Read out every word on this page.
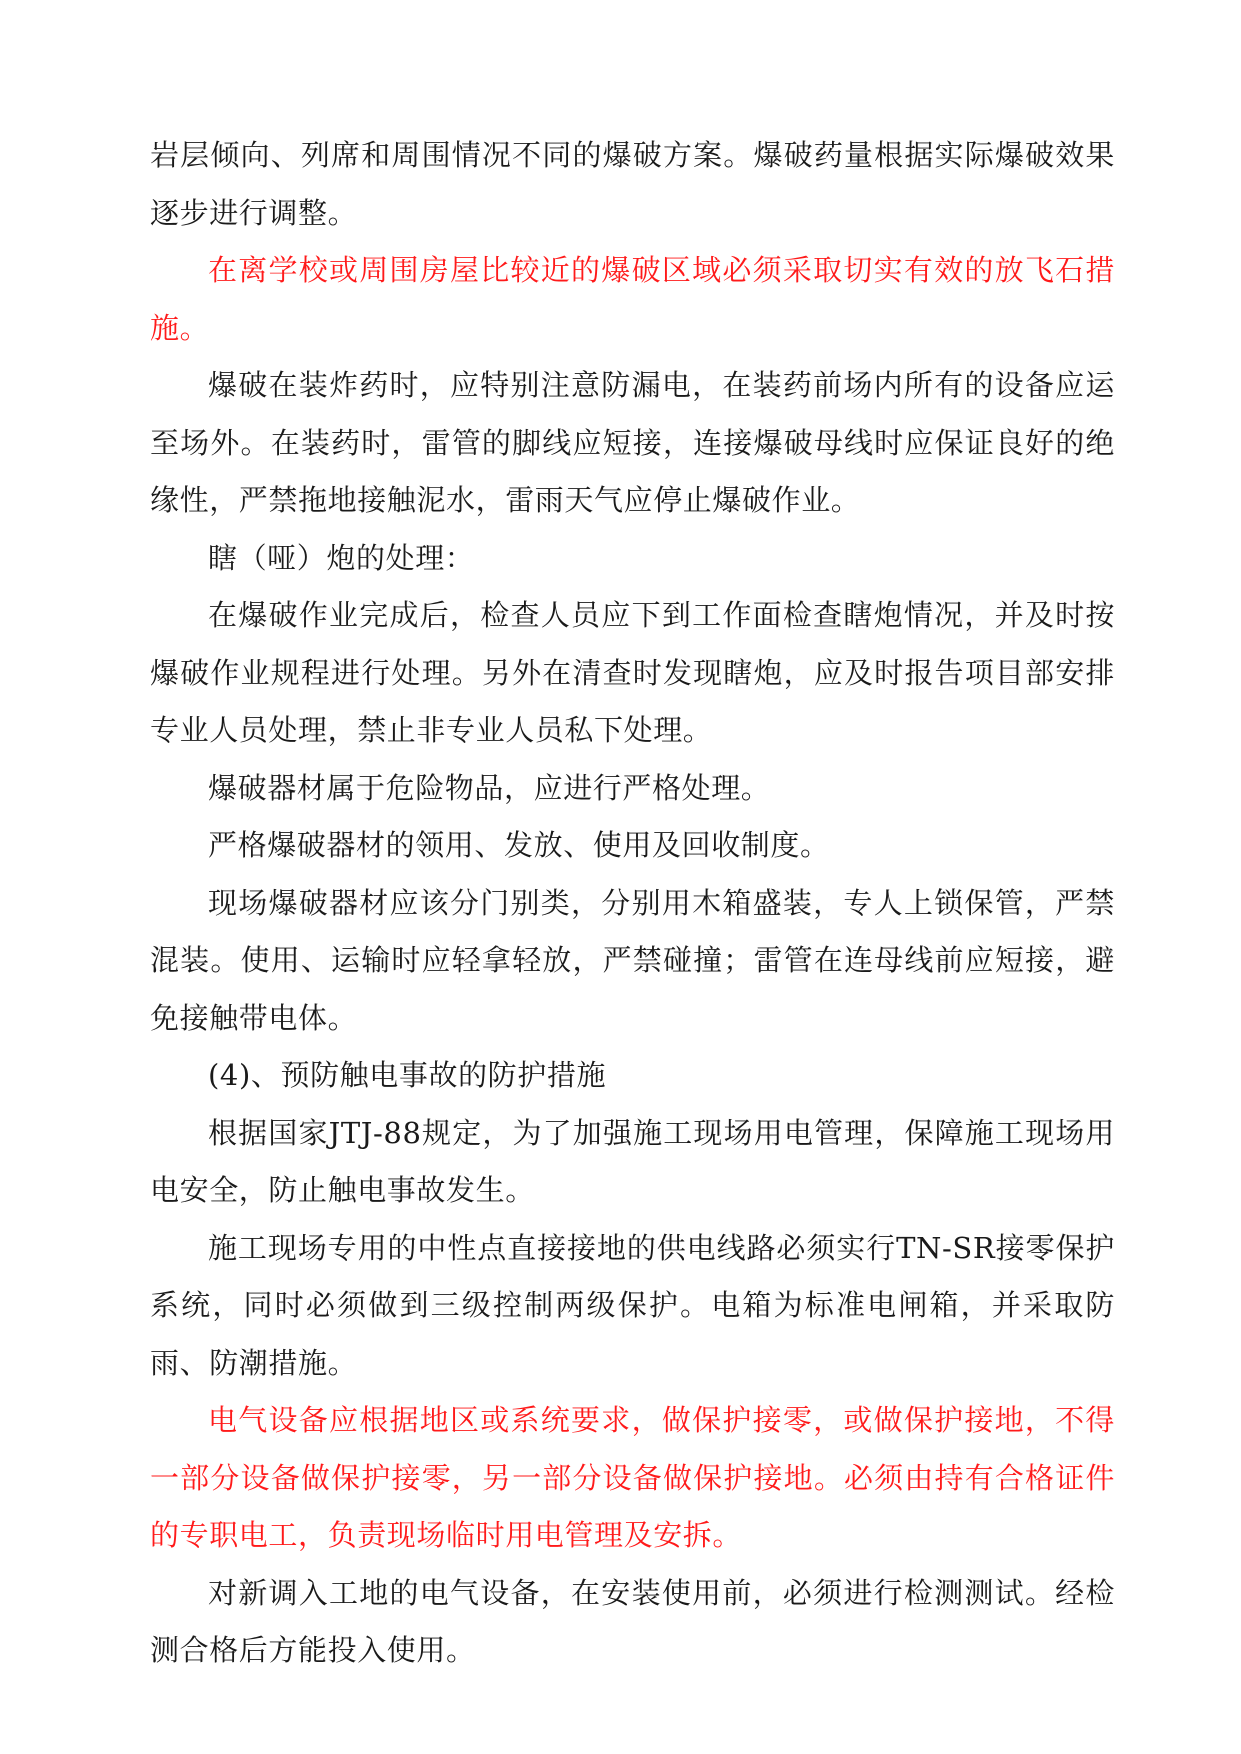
岩层倾向、列席和周围情况不同的爆破方案。爆破药量根据实际爆破效果逐步进行调整。

在离学校或周围房屋比较近的爆破区域必须采取切实有效的放飞石措施。

爆破在装炸药时，应特别注意防漏电，在装药前场内所有的设备应运至场外。在装药时，雷管的脚线应短接，连接爆破母线时应保证良好的绝缘性，严禁拖地接触泥水，雷雨天气应停止爆破作业。

瞎（哑）炮的处理：

在爆破作业完成后，检查人员应下到工作面检查瞎炮情况，并及时按爆破作业规程进行处理。另外在清查时发现瞎炮，应及时报告项目部安排专业人员处理，禁止非专业人员私下处理。

爆破器材属于危险物品，应进行严格处理。

严格爆破器材的领用、发放、使用及回收制度。

现场爆破器材应该分门别类，分别用木箱盛装，专人上锁保管，严禁混装。使用、运输时应轻拿轻放，严禁碰撞；雷管在连母线前应短接，避免接触带电体。

(4)、预防触电事故的防护措施

根据国家JTJ-88规定，为了加强施工现场用电管理，保障施工现场用电安全，防止触电事故发生。

施工现场专用的中性点直接接地的供电线路必须实行TN-SR接零保护系统，同时必须做到三级控制两级保护。电箱为标准电闸箱，并采取防雨、防潮措施。

电气设备应根据地区或系统要求，做保护接零，或做保护接地，不得一部分设备做保护接零，另一部分设备做保护接地。必须由持有合格证件的专职电工，负责现场临时用电管理及安拆。

对新调入工地的电气设备，在安装使用前，必须进行检测测试。经检测合格后方能投入使用。
